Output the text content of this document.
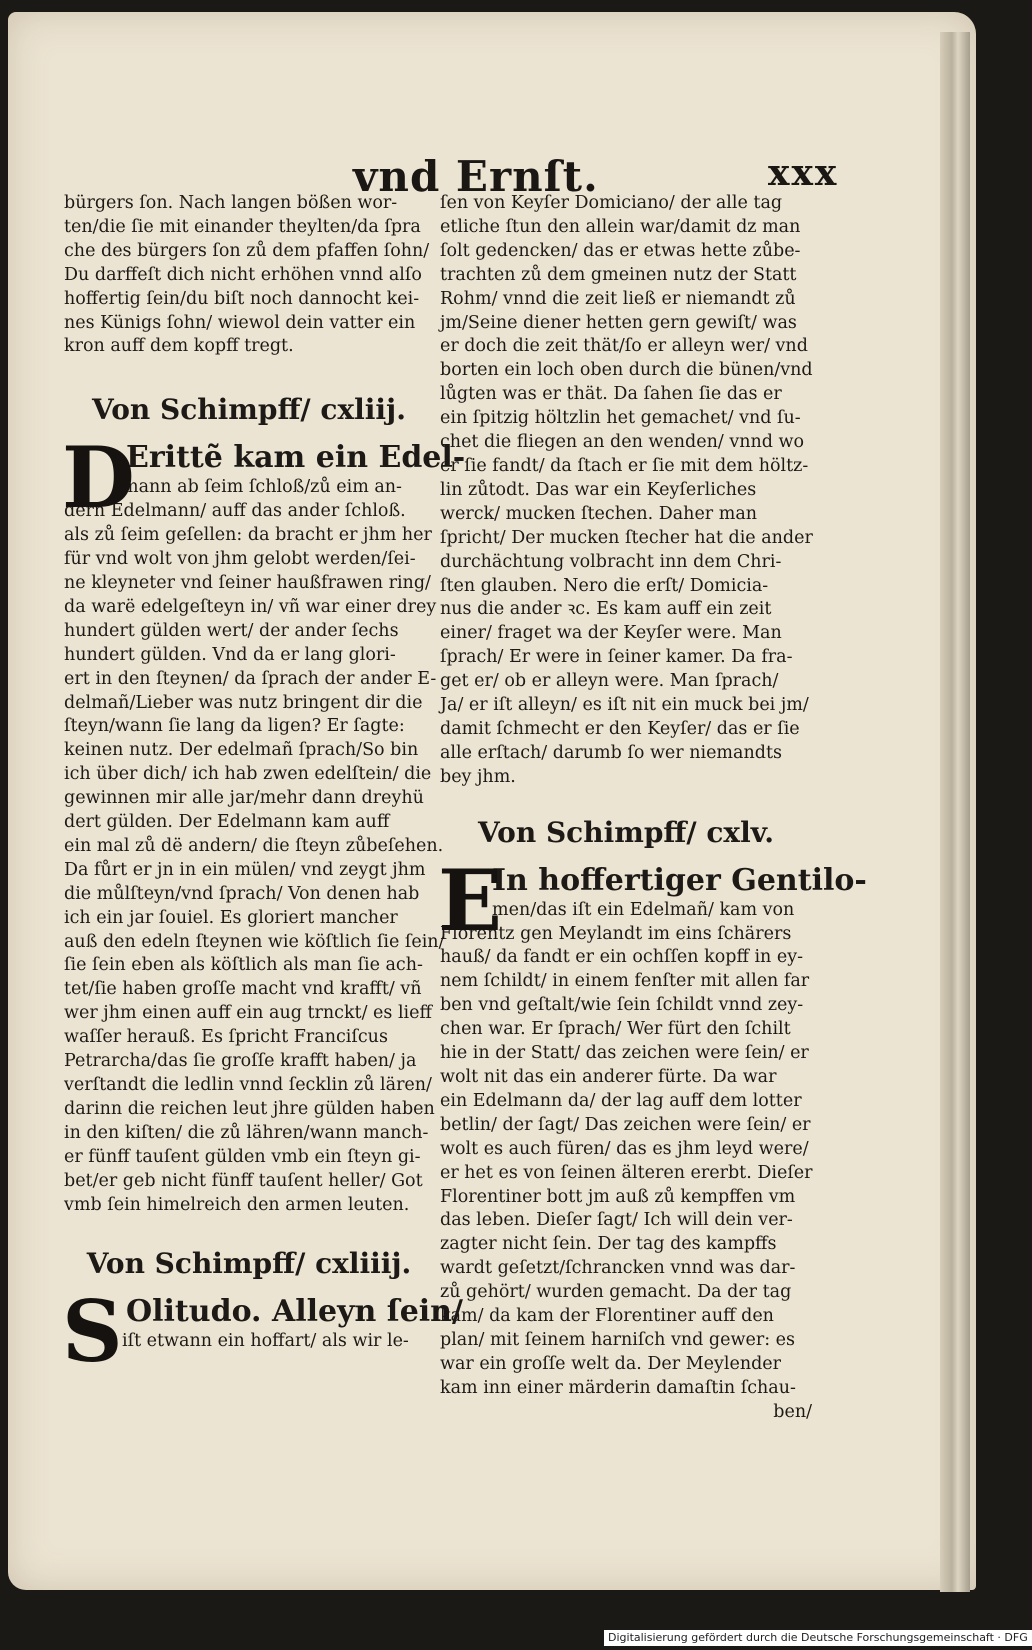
vnd Ernſt.	xxx
bürgers ſon. Nach langen bößen wor-
ten/die ſie mit einander theylten/da ſpra
che des bürgers ſon zů dem pfaffen ſohn/
Du darffeſt dich nicht erhöhen vnnd alſo
hoffertig ſein/du biſt noch dannocht kei-
nes Künigs ſohn/ wiewol dein vatter ein
kron auff dem kopff tregt.
Von Schimpff/ cxliij.
D
Erittẽ kam ein Edel-
mann ab ſeim ſchloß/zů eim an-
dern Edelmann/ auff das ander ſchloß.
als zů ſeim geſellen: da bracht er jhm her
für vnd wolt von jhm gelobt werden/ſei-
ne kleyneter vnd ſeiner haußfrawen ring/
da warë edelgeſteyn in/ vñ war einer drey
hundert gülden wert/ der ander ſechs
hundert gülden. Vnd da er lang glori-
ert in den ſteynen/ da ſprach der ander E-
delmañ/Lieber was nutz bringent dir die
ſteyn/wann ſie lang da ligen? Er ſagte:
keinen nutz. Der edelmañ ſprach/So bin
ich über dich/ ich hab zwen edelſtein/ die
gewinnen mir alle jar/mehr dann dreyhü
dert gülden. Der Edelmann kam auff
ein mal zů dë andern/ die ſteyn zůbeſehen.
Da fůrt er jn in ein mülen/ vnd zeygt jhm
die můlſteyn/vnd ſprach/ Von denen hab
ich ein jar ſouiel. Es gloriert mancher
auß den edeln ſteynen wie köſtlich ſie ſein/
ſie ſein eben als köſtlich als man ſie ach-
tet/ſie haben groſſe macht vnd krafft/ vñ
wer jhm einen auff ein aug trnckt/ es lieff
waſſer herauß. Es ſpricht Franciſcus
Petrarcha/das ſie groſſe krafft haben/ ja
verſtandt die ledlin vnnd ſecklin zů lären/
darinn die reichen leut jhre gülden haben
in den kiſten/ die zů lähren/wann manch-
er fünff tauſent gülden vmb ein ſteyn gi-
bet/er geb nicht fünff tauſent heller/ Got
vmb ſein himelreich den armen leuten.
Von Schimpff/ cxliiij.
S Olitudo. Alleyn ſein/
iſt etwann ein hoffart/ als wir le-
ſen von Keyſer Domiciano/ der alle tag
etliche ſtun den allein war/damit dz man
ſolt gedencken/ das er etwas hette zůbe-
trachten zů dem gmeinen nutz der Statt
Rohm/ vnnd die zeit ließ er niemandt zů
jm/Seine diener hetten gern gewiſt/ was
er doch die zeit thät/ſo er alleyn wer/ vnd
borten ein loch oben durch die bünen/vnd
lůgten was er thät. Da ſahen ſie das er
ein ſpitzig höltzlin het gemachet/ vnd ſu-
chet die fliegen an den wenden/ vnnd wo
er ſie fandt/ da ſtach er ſie mit dem höltz-
lin zůtodt. Das war ein Keyſerliches
werck/ mucken ſtechen. Daher man
ſpricht/ Der mucken ſtecher hat die ander
durchächtung volbracht inn dem Chri-
ſten glauben. Nero die erſt/ Domicia-
nus die ander ꝛc. Es kam auff ein zeit
einer/ fraget wa der Keyſer were. Man
ſprach/ Er were in ſeiner kamer. Da fra-
get er/ ob er alleyn were. Man ſprach/
Ja/ er iſt alleyn/ es iſt nit ein muck bei jm/
damit ſchmecht er den Keyſer/ das er ſie
alle erſtach/ darumb ſo wer niemandts
bey jhm.
Von Schimpff/ cxlv.
E
In hoffertiger Gentilo-
men/das iſt ein Edelmañ/ kam von
Florentz gen Meylandt im eins ſchärers
hauß/ da fandt er ein ochſſen kopff in ey-
nem ſchildt/ in einem fenſter mit allen far
ben vnd geſtalt/wie ſein ſchildt vnnd zey-
chen war. Er ſprach/ Wer fürt den ſchilt
hie in der Statt/ das zeichen were ſein/ er
wolt nit das ein anderer fürte. Da war
ein Edelmann da/ der lag auff dem lotter
betlin/ der ſagt/ Das zeichen were ſein/ er
wolt es auch füren/ das es jhm leyd were/
er het es von ſeinen älteren ererbt. Dieſer
Florentiner bott jm auß zů kempffen vm
das leben. Dieſer ſagt/ Ich will dein ver-
zagter nicht ſein. Der tag des kampffs
wardt geſetzt/ſchrancken vnnd was dar-
zů gehört/ wurden gemacht. Da der tag
kam/ da kam der Florentiner auff den
plan/ mit ſeinem harniſch vnd gewer: es
war ein groſſe welt da. Der Meylender
kam inn einer märderin damaſtin ſchau-
ben/
Digitalisierung gefördert durch die Deutsche Forschungsgemeinschaft · DFG
